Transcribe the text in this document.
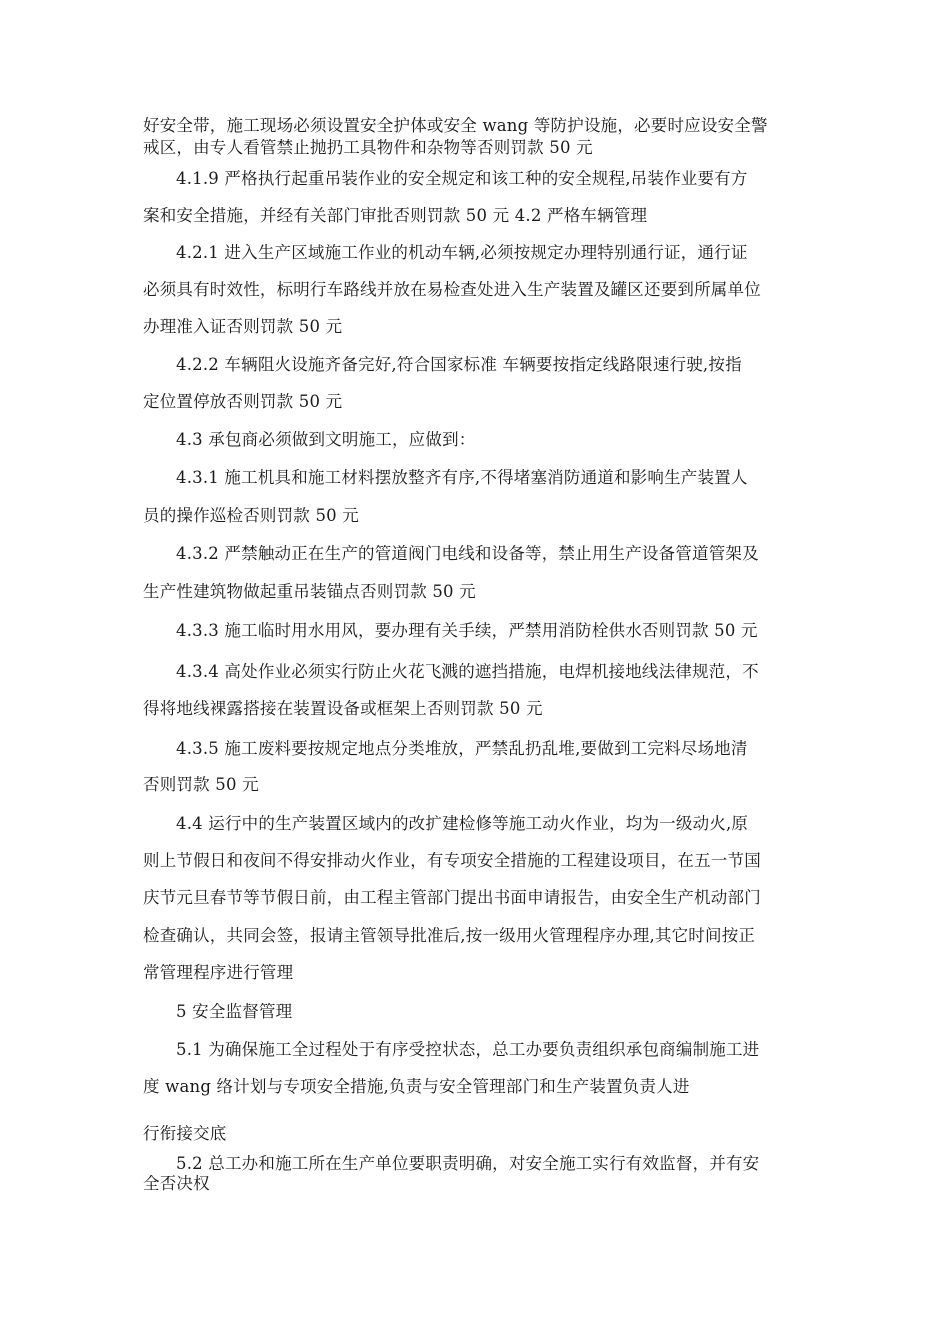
好安全带，施工现场必须设置安全护体或安全 wang 等防护设施，必要时应设安全警
戒区，由专人看管禁止抛扔工具物件和杂物等否则罚款 50 元
4.1.9 严格执行起重吊装作业的安全规定和该工种的安全规程,吊装作业要有方
案和安全措施，并经有关部门审批否则罚款 50 元 4.2 严格车辆管理
4.2.1 进入生产区域施工作业的机动车辆,必须按规定办理特别通行证，通行证
必须具有时效性，标明行车路线并放在易检查处进入生产装置及罐区还要到所属单位
办理准入证否则罚款 50 元
4.2.2 车辆阻火设施齐备完好,符合国家标准 车辆要按指定线路限速行驶,按指
定位置停放否则罚款 50 元
4.3 承包商必须做到文明施工，应做到：
4.3.1 施工机具和施工材料摆放整齐有序,不得堵塞消防通道和影响生产装置人
员的操作巡检否则罚款 50 元
4.3.2 严禁触动正在生产的管道阀门电线和设备等，禁止用生产设备管道管架及
生产性建筑物做起重吊装锚点否则罚款 50 元
4.3.3 施工临时用水用风，要办理有关手续，严禁用消防栓供水否则罚款 50 元
4.3.4 高处作业必须实行防止火花飞溅的遮挡措施，电焊机接地线法律规范，不
得将地线裸露搭接在装置设备或框架上否则罚款 50 元
4.3.5 施工废料要按规定地点分类堆放，严禁乱扔乱堆,要做到工完料尽场地清
否则罚款 50 元
4.4 运行中的生产装置区域内的改扩建检修等施工动火作业，均为一级动火,原
则上节假日和夜间不得安排动火作业，有专项安全措施的工程建设项目，在五一节国
庆节元旦春节等节假日前，由工程主管部门提出书面申请报告，由安全生产机动部门
检查确认，共同会签，报请主管领导批准后,按一级用火管理程序办理,其它时间按正
常管理程序进行管理
5 安全监督管理
5.1 为确保施工全过程处于有序受控状态，总工办要负责组织承包商编制施工进
度 wang 络计划与专项安全措施,负责与安全管理部门和生产装置负责人进
行衔接交底
5.2 总工办和施工所在生产单位要职责明确，对安全施工实行有效监督，并有安
全否决权
